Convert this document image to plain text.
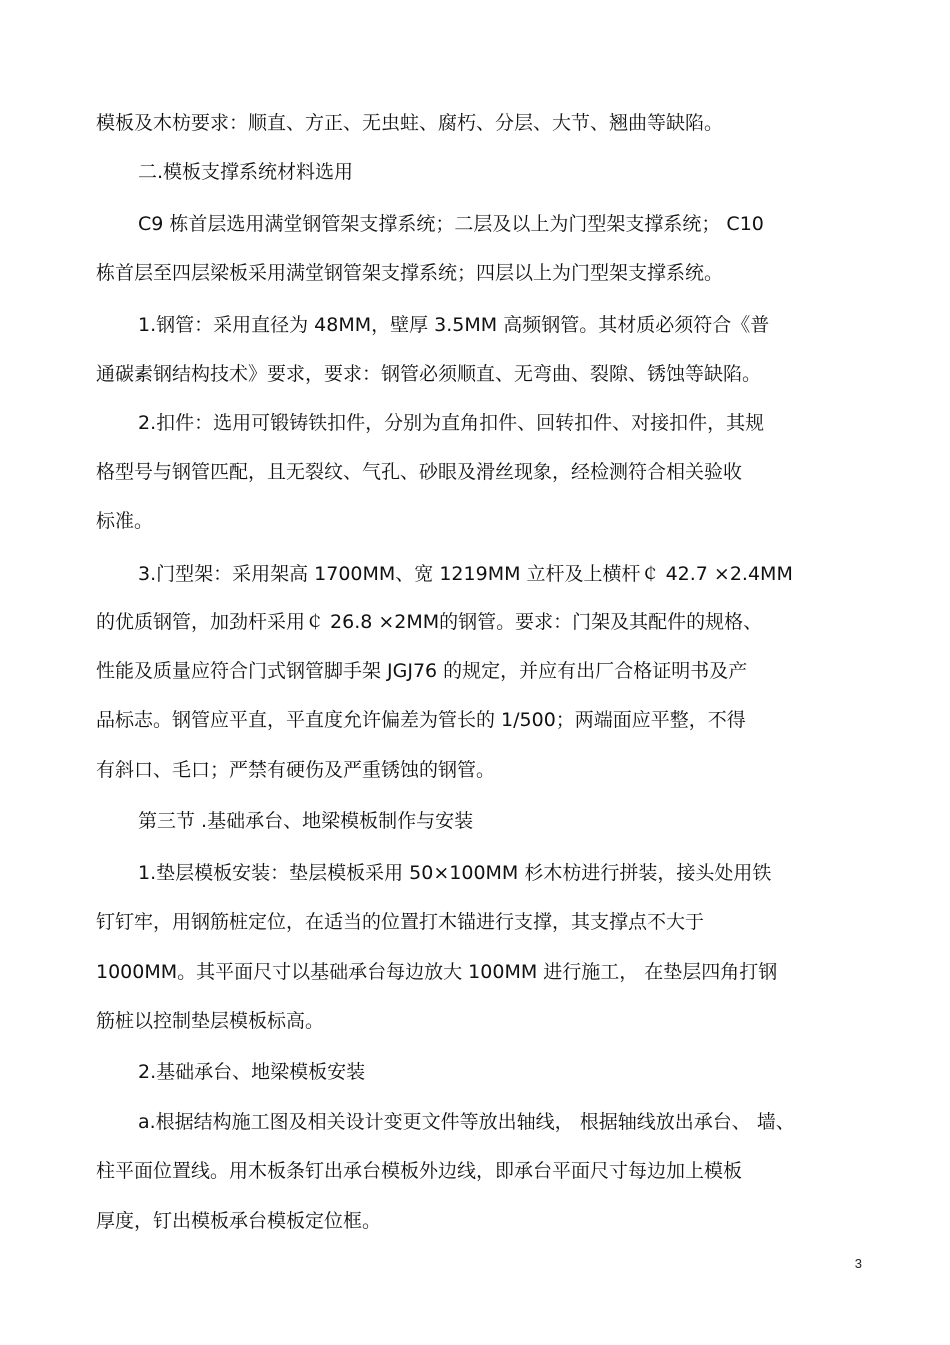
模板及木枋要求：顺直、方正、无虫蛀、腐朽、分层、大节、翘曲等缺陷。
二.模板支撑系统材料选用
C9 栋首层选用满堂钢管架支撑系统；二层及以上为门型架支撑系统； C10
栋首层至四层梁板采用满堂钢管架支撑系统；四层以上为门型架支撑系统。
1.钢管：采用直径为 48MM，壁厚 3.5MM 高频钢管。其材质必须符合《普
通碳素钢结构技术》要求，要求：钢管必须顺直、无弯曲、裂隙、锈蚀等缺陷。
2.扣件：选用可锻铸铁扣件，分别为直角扣件、回转扣件、对接扣件，其规
格型号与钢管匹配，且无裂纹、气孔、砂眼及滑丝现象，经检测符合相关验收
标准。
3.门型架：采用架高 1700MM、宽 1219MM 立杆及上横杆￠ 42.7 ×2.4MM
的优质钢管，加劲杆采用￠ 26.8 ×2MM的钢管。要求：门架及其配件的规格、
性能及质量应符合门式钢管脚手架 JGJ76 的规定，并应有出厂合格证明书及产
品标志。钢管应平直，平直度允许偏差为管长的 1/500；两端面应平整，不得
有斜口、毛口；严禁有硬伤及严重锈蚀的钢管。
第三节 .基础承台、地梁模板制作与安装
1.垫层模板安装：垫层模板采用 50×100MM 杉木枋进行拼装，接头处用铁
钉钉牢，用钢筋桩定位，在适当的位置打木锚进行支撑，其支撑点不大于
1000MM。其平面尺寸以基础承台每边放大 100MM 进行施工， 在垫层四角打钢
筋桩以控制垫层模板标高。
2.基础承台、地梁模板安装
a.根据结构施工图及相关设计变更文件等放出轴线， 根据轴线放出承台、 墙、
柱平面位置线。用木板条钉出承台模板外边线，即承台平面尺寸每边加上模板
厚度，钉出模板承台模板定位框。
3
